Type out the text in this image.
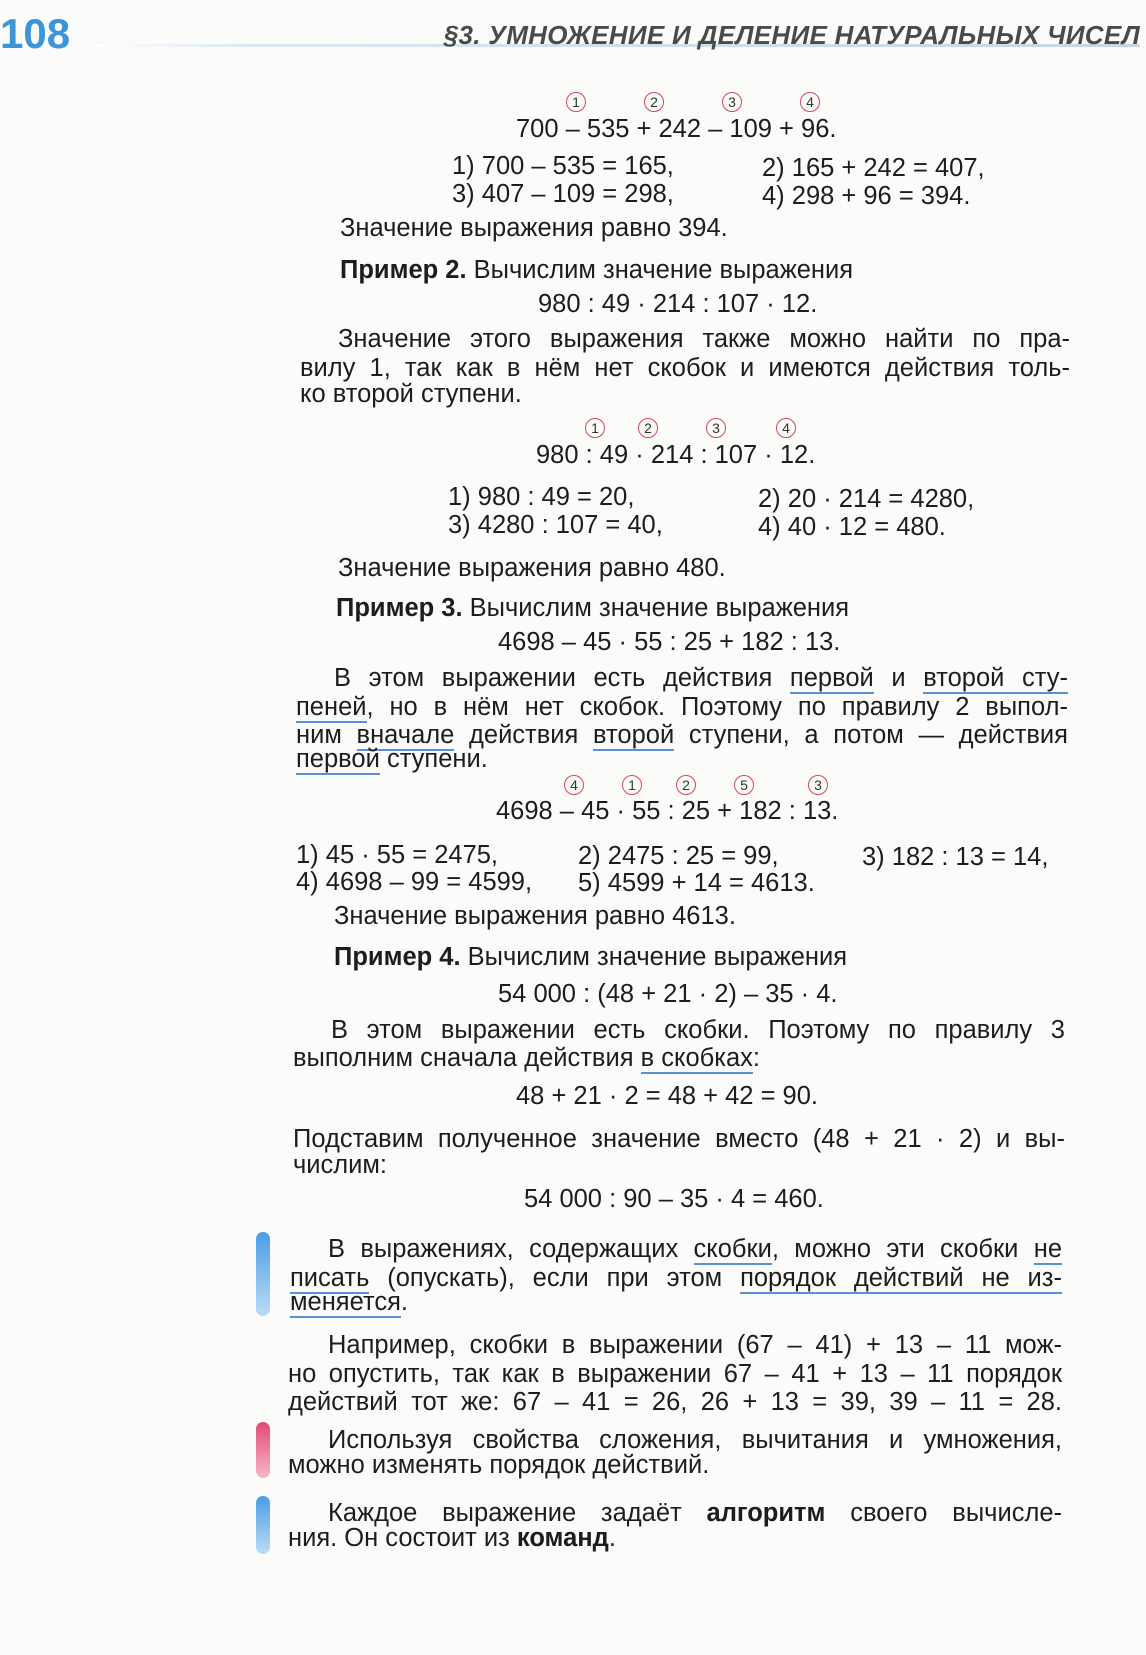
108	§3. УМНОЖЕНИЕ И ДЕЛЕНИЕ НАТУРАЛЬНЫХ ЧИСЕЛ
1	2	3	4
700 – 535 + 242 – 109 + 96.
1) 700 – 535 = 165,	2) 165 + 242 = 407,
3) 407 – 109 = 298,	4) 298 + 96 = 394.
Значение выражения равно 394.
Пример 2. Вычислим значение выражения
980 : 49 · 214 : 107 · 12.
Значение этого выражения также можно найти по пра-
вилу 1, так как в нём нет скобок и имеются действия толь-
ко второй ступени.
1	2	3	4
980 : 49 · 214 : 107 · 12.
1) 980 : 49 = 20,	2) 20 · 214 = 4280,
3) 4280 : 107 = 40,	4) 40 · 12 = 480.
Значение выражения равно 480.
Пример 3. Вычислим значение выражения
4698 – 45 · 55 : 25 + 182 : 13.
В этом выражении есть действия первой и второй сту-
пеней, но в нём нет скобок. Поэтому по правилу 2 выпол-
ним вначале действия второй ступени, а потом — действия
первой ступени.
4	1	2	5	3
4698 – 45 · 55 : 25 + 182 : 13.
1) 45 · 55 = 2475,	2) 2475 : 25 = 99,	3) 182 : 13 = 14,
4) 4698 – 99 = 4599, 5) 4599 + 14 = 4613.
Значение выражения равно 4613.
Пример 4. Вычислим значение выражения
54 000 : (48 + 21 · 2) – 35 · 4.
В этом выражении есть скобки. Поэтому по правилу 3
выполним сначала действия в скобках:
48 + 21 · 2 = 48 + 42 = 90.
Подставим полученное значение вместо (48 + 21 · 2) и вы-
числим:
54 000 : 90 – 35 · 4 = 460.
В выражениях, содержащих скобки, можно эти скобки не
писать (опускать), если при этом порядок действий не из-
меняется.
Например, скобки в выражении (67 – 41) + 13 – 11 мож-
но опустить, так как в выражении 67 – 41 + 13 – 11 порядок
действий тот же: 67 – 41 = 26, 26 + 13 = 39, 39 – 11 = 28.
Используя свойства сложения, вычитания и умножения,
можно изменять порядок действий.
Каждое выражение задаёт алгоритм своего вычисле-
ния. Он состоит из команд.
